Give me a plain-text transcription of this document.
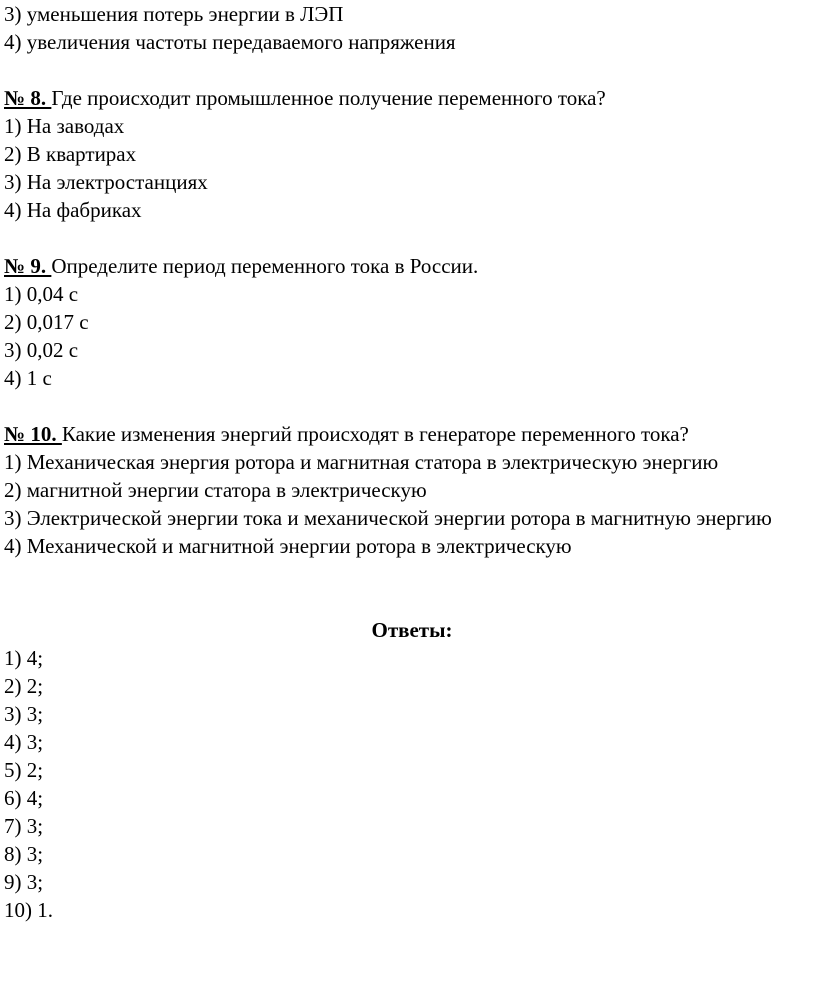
3) уменьшения потерь энергии в ЛЭП
4) увеличения частоты передаваемого напряжения
№ 8. Где происходит промышленное получение переменного тока?
1) На заводах
2) В квартирах
3) На электростанциях
4) На фабриках
№ 9. Определите период переменного тока в России.
1) 0,04 с
2) 0,017 с
3) 0,02 с
4) 1 с
№ 10. Какие изменения энергий происходят в генераторе переменного тока?
1) Механическая энергия ротора и магнитная статора в электрическую энергию
2) магнитной энергии статора в электрическую
3) Электрической энергии тока и механической энергии ротора в магнитную энергию
4) Механической и магнитной энергии ротора в электрическую
Ответы:
1) 4;
2) 2;
3) 3;
4) 3;
5) 2;
6) 4;
7) 3;
8) 3;
9) 3;
10) 1.
